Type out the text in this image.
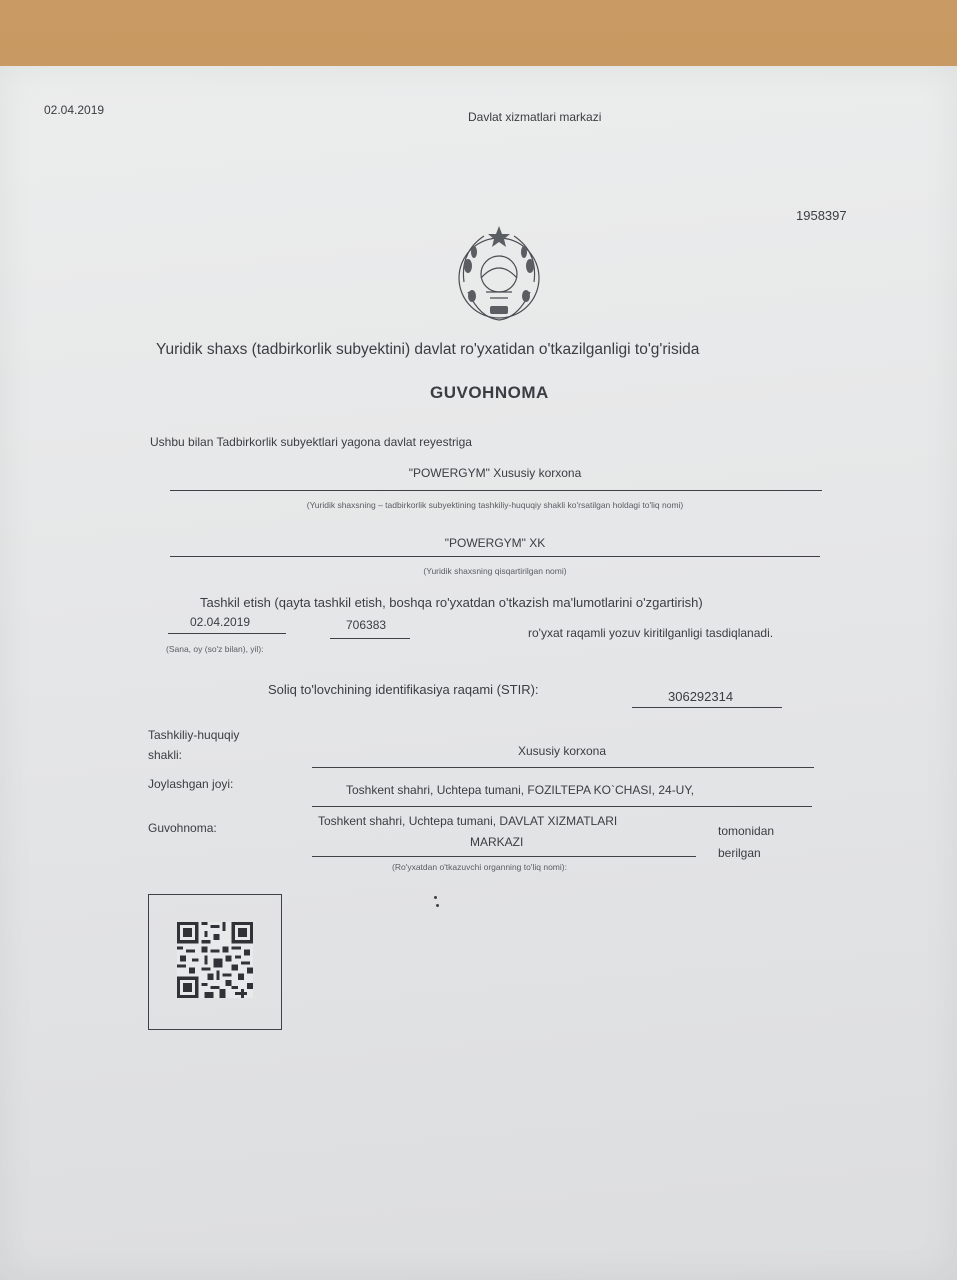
02.04.2019	Davlat xizmatlari markazi
1958397
Yuridik shaxs (tadbirkorlik subyektini) davlat ro'yxatidan o'tkazilganligi to'g'risida
GUVOHNOMA
Ushbu bilan Tadbirkorlik subyektlari yagona davlat reyestriga
"POWERGYM" Xususiy korxona
(Yuridik shaxsning – tadbirkorlik subyektining tashkiliy-huquqiy shakli ko'rsatilgan holdagi to'liq nomi)
"POWERGYM" XK
(Yuridik shaxsning qisqartirilgan nomi)
Tashkil etish (qayta tashkil etish, boshqa ro'yxatdan o'tkazish ma'lumotlarini o'zgartirish)
02.04.2019	706383
ro'yxat raqamli yozuv kiritilganligi tasdiqlanadi.
(Sana, oy (so'z bilan), yil):
Soliq to'lovchining identifikasiya raqami (STIR):	306292314
Tashkiliy-huquqiy
shakli:	Xususiy korxona
Joylashgan joyi:	Toshkent shahri, Uchtepa tumani, FOZILTEPA KO`CHASI, 24-UY,
Guvohnoma:	Toshkent shahri, Uchtepa tumani, DAVLAT XIZMATLARI
MARKAZI
tomonidan
berilgan
(Ro'yxatdan o'tkazuvchi organning to'liq nomi):
